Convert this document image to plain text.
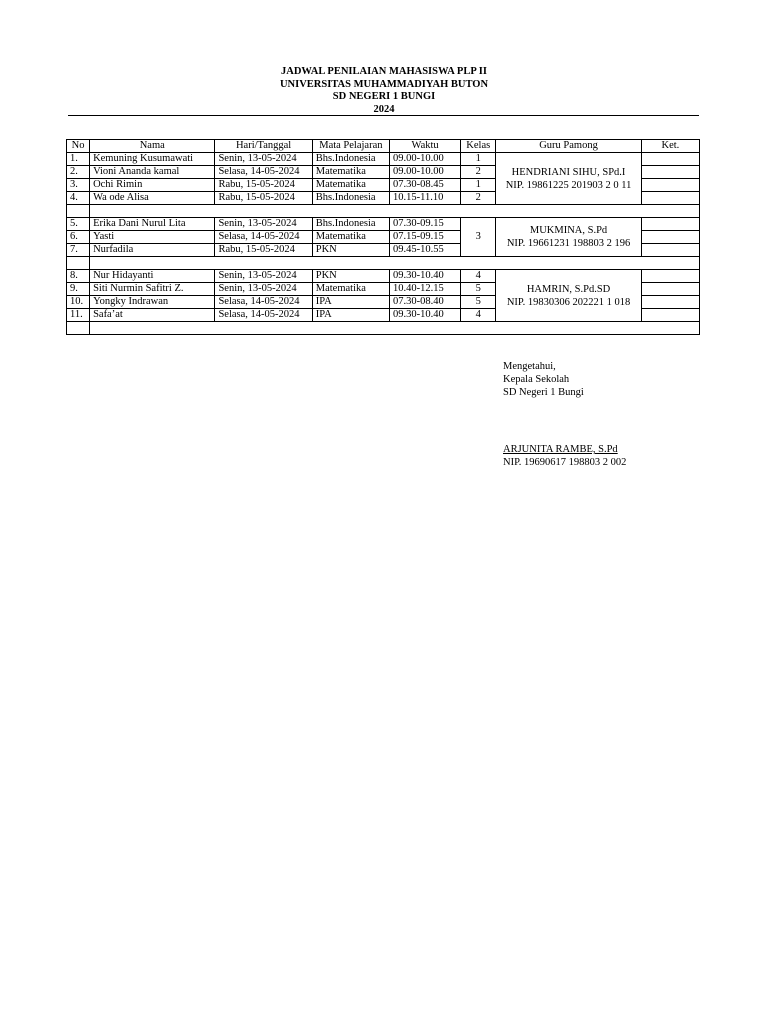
JADWAL PENILAIAN MAHASISWA PLP II
UNIVERSITAS MUHAMMADIYAH BUTON
SD NEGERI 1 BUNGI
2024
No	Nama	Hari/Tanggal	Mata Pelajaran	Waktu	Kelas	Guru Pamong	Ket.
1.	Kemuning Kusumawati	Senin, 13-05-2024	Bhs.Indonesia	09.00-10.00	1	HENDRIANI SIHU, SPd.I
NIP. 19861225 201903 2 0 11	

2.	Vioni Ananda kamal	Selasa, 14-05-2024	Matematika	09.00-10.00	2		
3.	Ochi Rimin	Rabu, 15-05-2024	Matematika	07.30-08.45	1		
4.	Wa ode Alisa	Rabu, 15-05-2024	Bhs.Indonesia	10.15-11.10	2		

5.	Erika Dani Nurul Lita	Senin, 13-05-2024	Bhs.Indonesia	07.30-09.15	3	MUKMINA, S.Pd
NIP. 19661231 198803 2 196	

6.	Yasti	Selasa, 14-05-2024	Matematika	07.15-09.15			
7.	Nurfadila	Rabu, 15-05-2024	PKN	09.45-10.55			

8.	Nur Hidayanti	Senin, 13-05-2024	PKN	09.30-10.40	4	HAMRIN, S.Pd.SD
NIP. 19830306 202221 1 018	

9.	Siti Nurmin Safitri Z.	Senin, 13-05-2024	Matematika	10.40-12.15	5		
10.	Yongky Indrawan	Selasa, 14-05-2024	IPA	07.30-08.40	5		
11.	Safa’at	Selasa, 14-05-2024	IPA	09.30-10.40	4		

Mengetahui,
Kepala Sekolah
SD Negeri 1 Bungi
ARJUNITA RAMBE, S.Pd
NIP. 19690617 198803 2 002
